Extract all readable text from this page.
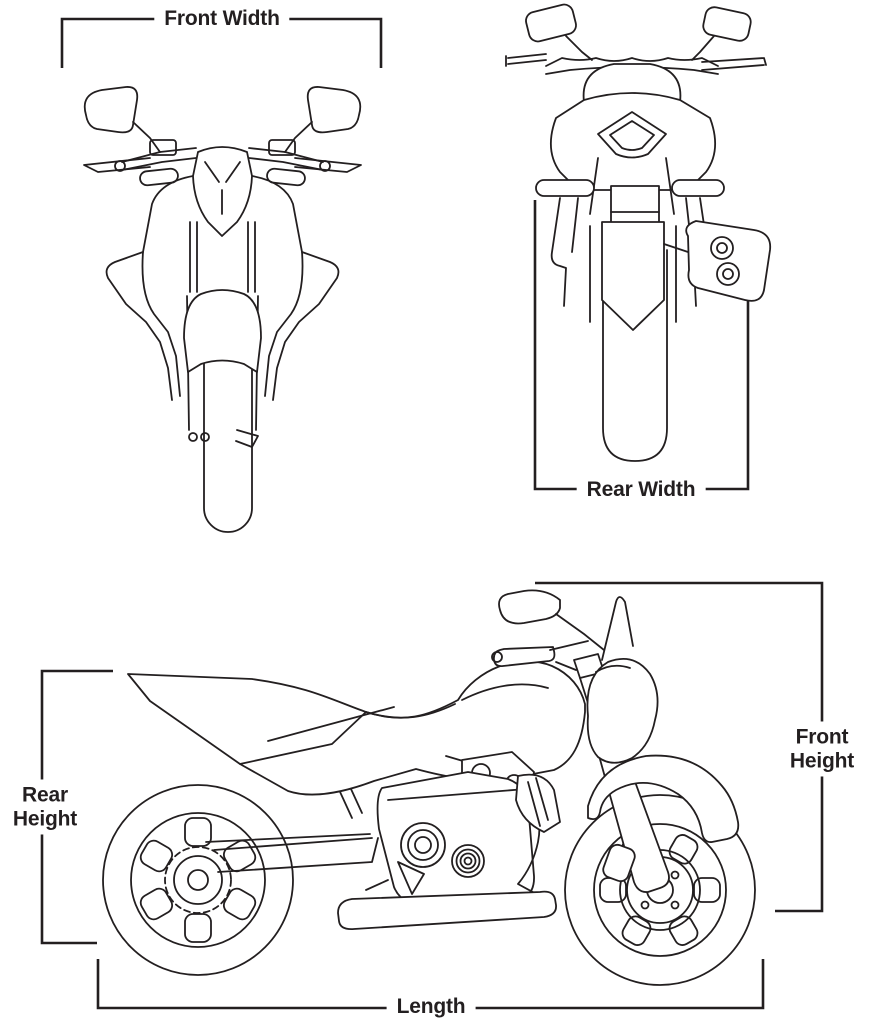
Front Width
Rear Width
Rear Height
Front Height
Length
